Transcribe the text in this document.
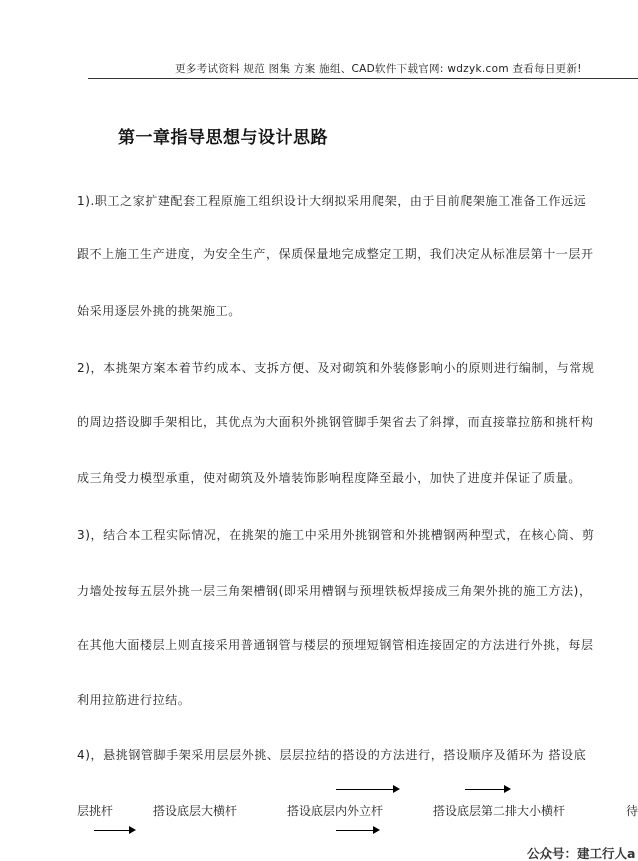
更多考试资料 规范 图集 方案 施组、CAD软件下载官网: wdzyk.com 查看每日更新!
第一章指导思想与设计思路
1).职工之家扩建配套工程原施工组织设计大纲拟采用爬架，由于目前爬架施工准备工作远远
跟不上施工生产进度，为安全生产，保质保量地完成整定工期，我们决定从标准层第十一层开
始采用逐层外挑的挑架施工。
2)，本挑架方案本着节约成本、支拆方便、及对砌筑和外装修影响小的原则进行编制，与常规
的周边搭设脚手架相比，其优点为大面积外挑钢管脚手架省去了斜撑，而直接靠拉筋和挑杆构
成三角受力模型承重，使对砌筑及外墙装饰影响程度降至最小，加快了进度并保证了质量。
3)，结合本工程实际情况，在挑架的施工中采用外挑钢管和外挑槽钢两种型式，在核心筒、剪
力墙处按每五层外挑一层三角架槽钢(即采用槽钢与预埋铁板焊接成三角架外挑的施工方法)，
在其他大面楼层上则直接采用普通钢管与楼层的预埋短钢管相连接固定的方法进行外挑，每层
利用拉筋进行拉结。
4)，悬挑钢管脚手架采用层层外挑、层层拉结的搭设的方法进行，搭设顺序及循环为 搭设底
层挑杆	搭设底层大横杆	搭设底层内外立杆	搭设底层第二排大小横杆	待
公众号：建工行人a
